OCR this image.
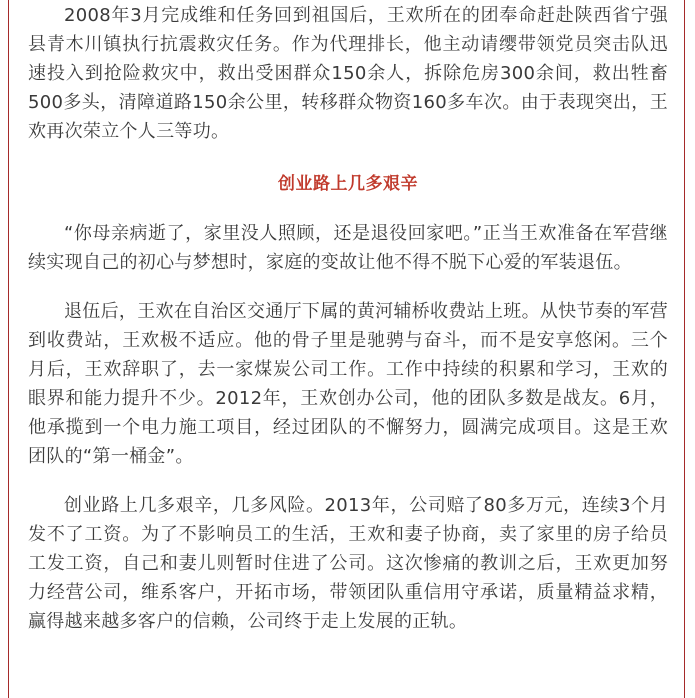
2008年3月完成维和任务回到祖国后，王欢所在的团奉命赶赴陕西省宁强县青木川镇执行抗震救灾任务。作为代理排长，他主动请缨带领党员突击队迅速投入到抢险救灾中，救出受困群众150余人，拆除危房300余间，救出牲畜500多头，清障道路150余公里，转移群众物资160多车次。由于表现突出，王欢再次荣立个人三等功。

创业路上几多艰辛

“你母亲病逝了，家里没人照顾，还是退役回家吧。”正当王欢准备在军营继续实现自己的初心与梦想时，家庭的变故让他不得不脱下心爱的军装退伍。

退伍后，王欢在自治区交通厅下属的黄河辅桥收费站上班。从快节奏的军营到收费站，王欢极不适应。他的骨子里是驰骋与奋斗，而不是安享悠闲。三个月后，王欢辞职了，去一家煤炭公司工作。工作中持续的积累和学习，王欢的眼界和能力提升不少。2012年，王欢创办公司，他的团队多数是战友。6月，他承揽到一个电力施工项目，经过团队的不懈努力，圆满完成项目。这是王欢团队的“第一桶金”。

创业路上几多艰辛，几多风险。2013年，公司赔了80多万元，连续3个月发不了工资。为了不影响员工的生活，王欢和妻子协商，卖了家里的房子给员工发工资，自己和妻儿则暂时住进了公司。这次惨痛的教训之后，王欢更加努力经营公司，维系客户，开拓市场，带领团队重信用守承诺，质量精益求精，赢得越来越多客户的信赖，公司终于走上发展的正轨。
